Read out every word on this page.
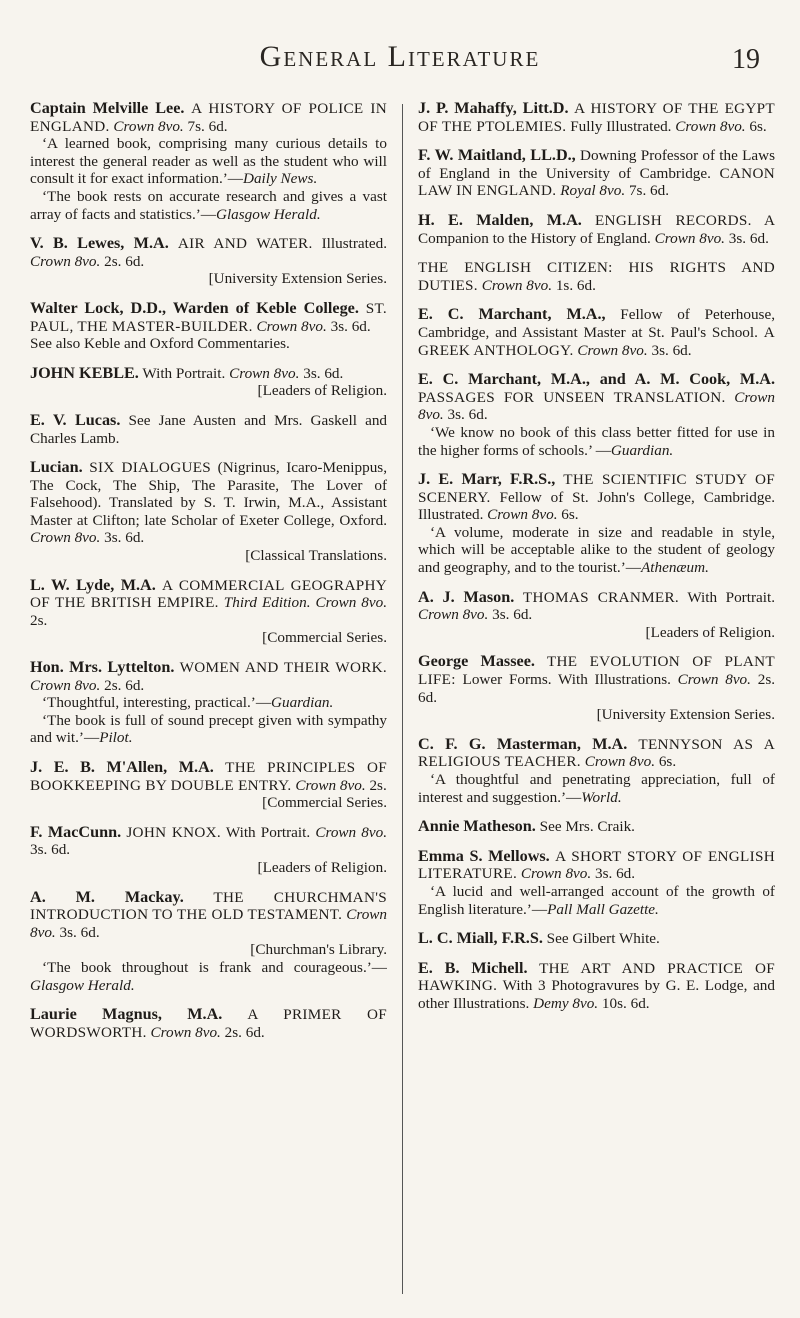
General Literature	19

Captain Melville Lee. A HISTORY OF POLICE IN ENGLAND. Crown 8vo. 7s. 6d.
‘A learned book, comprising many curious details to interest the general reader as well as the student who will consult it for exact information.’—Daily News.
‘The book rests on accurate research and gives a vast array of facts and statistics.’—Glasgow Herald.

V. B. Lewes, M.A. AIR AND WATER. Illustrated. Crown 8vo. 2s. 6d.
[University Extension Series.

Walter Lock, D.D., Warden of Keble College. ST. PAUL, THE MASTER-BUILDER. Crown 8vo. 3s. 6d.
See also Keble and Oxford Commentaries.

JOHN KEBLE. With Portrait. Crown 8vo. 3s. 6d.
[Leaders of Religion.

E. V. Lucas. See Jane Austen and Mrs. Gaskell and Charles Lamb.

Lucian. SIX DIALOGUES (Nigrinus, Icaro-Menippus, The Cock, The Ship, The Parasite, The Lover of Falsehood). Translated by S. T. Irwin, M.A., Assistant Master at Clifton; late Scholar of Exeter College, Oxford. Crown 8vo. 3s. 6d.
[Classical Translations.

L. W. Lyde, M.A. A COMMERCIAL GEOGRAPHY OF THE BRITISH EMPIRE. Third Edition. Crown 8vo. 2s.
[Commercial Series.

Hon. Mrs. Lyttelton. WOMEN AND THEIR WORK. Crown 8vo. 2s. 6d.
‘Thoughtful, interesting, practical.’—Guardian.
‘The book is full of sound precept given with sympathy and wit.’—Pilot.

J. E. B. M'Allen, M.A. THE PRINCIPLES OF BOOKKEEPING BY DOUBLE ENTRY. Crown 8vo. 2s.
[Commercial Series.

F. MacCunn. JOHN KNOX. With Portrait. Crown 8vo. 3s. 6d.
[Leaders of Religion.

A. M. Mackay. THE CHURCHMAN'S INTRODUCTION TO THE OLD TESTAMENT. Crown 8vo. 3s. 6d.
[Churchman's Library.
‘The book throughout is frank and courageous.’—Glasgow Herald.

Laurie Magnus, M.A. A PRIMER OF WORDSWORTH. Crown 8vo. 2s. 6d.

J. P. Mahaffy, Litt.D. A HISTORY OF THE EGYPT OF THE PTOLEMIES. Fully Illustrated. Crown 8vo. 6s.

F. W. Maitland, LL.D., Downing Professor of the Laws of England in the University of Cambridge. CANON LAW IN ENGLAND. Royal 8vo. 7s. 6d.

H. E. Malden, M.A. ENGLISH RECORDS. A Companion to the History of England. Crown 8vo. 3s. 6d.

THE ENGLISH CITIZEN: HIS RIGHTS AND DUTIES. Crown 8vo. 1s. 6d.

E. C. Marchant, M.A., Fellow of Peterhouse, Cambridge, and Assistant Master at St. Paul's School. A GREEK ANTHOLOGY. Crown 8vo. 3s. 6d.

E. C. Marchant, M.A., and A. M. Cook, M.A. PASSAGES FOR UNSEEN TRANSLATION. Crown 8vo. 3s. 6d.
‘We know no book of this class better fitted for use in the higher forms of schools.’ —Guardian.

J. E. Marr, F.R.S., THE SCIENTIFIC STUDY OF SCENERY. Fellow of St. John's College, Cambridge. Illustrated. Crown 8vo. 6s.
‘A volume, moderate in size and readable in style, which will be acceptable alike to the student of geology and geography, and to the tourist.’—Athenæum.

A. J. Mason. THOMAS CRANMER. With Portrait. Crown 8vo. 3s. 6d.
[Leaders of Religion.

George Massee. THE EVOLUTION OF PLANT LIFE: Lower Forms. With Illustrations. Crown 8vo. 2s. 6d.
[University Extension Series.

C. F. G. Masterman, M.A. TENNYSON AS A RELIGIOUS TEACHER. Crown 8vo. 6s.
‘A thoughtful and penetrating appreciation, full of interest and suggestion.’—World.

Annie Matheson. See Mrs. Craik.

Emma S. Mellows. A SHORT STORY OF ENGLISH LITERATURE. Crown 8vo. 3s. 6d.
‘A lucid and well-arranged account of the growth of English literature.’—Pall Mall Gazette.

L. C. Miall, F.R.S. See Gilbert White.

E. B. Michell. THE ART AND PRACTICE OF HAWKING. With 3 Photogravures by G. E. Lodge, and other Illustrations. Demy 8vo. 10s. 6d.
